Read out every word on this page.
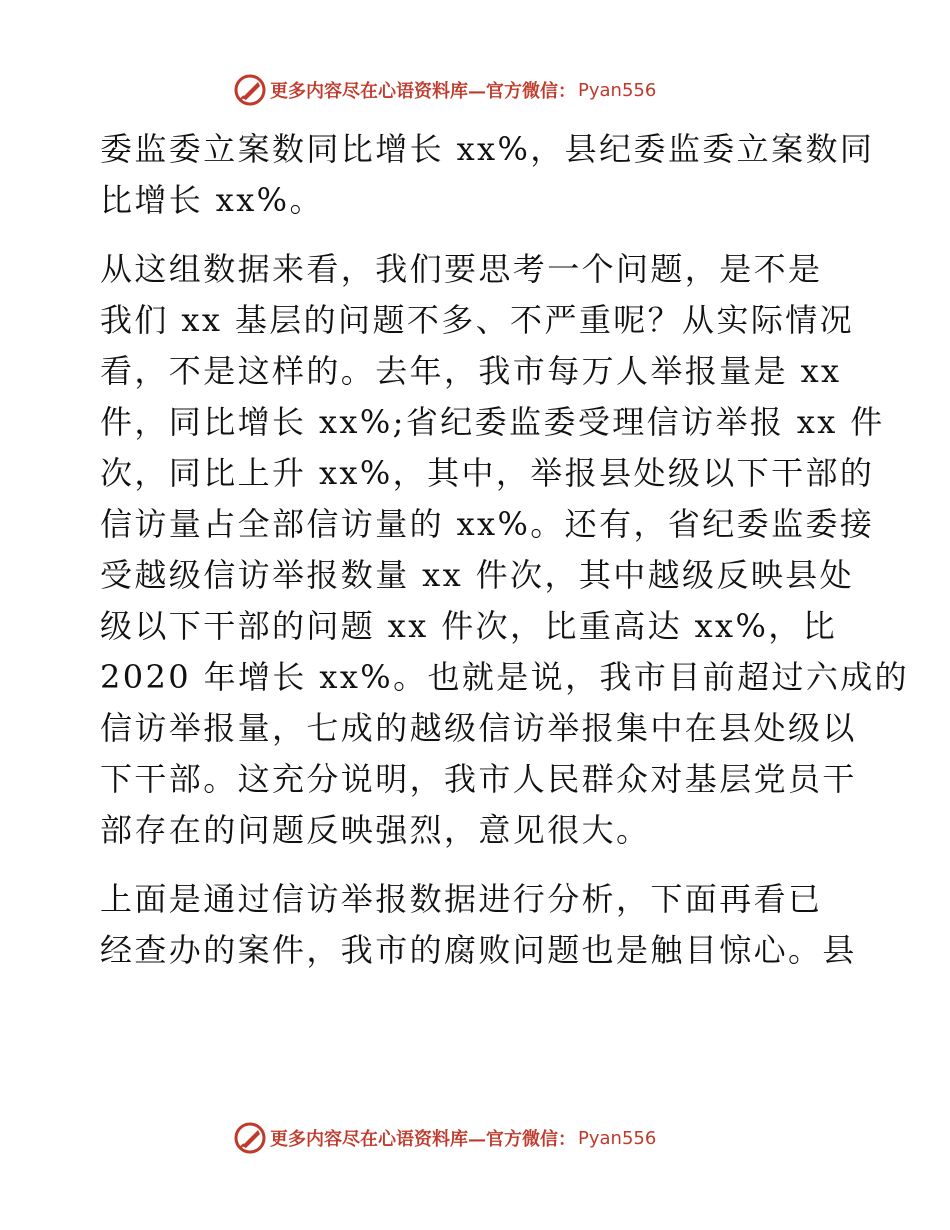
更多内容尽在心语资料库—官方微信： Pyan556
委监委立案数同比增长 xx%，县纪委监委立案数同
比增长 xx%。
从这组数据来看，我们要思考一个问题，是不是
我们 xx 基层的问题不多、不严重呢？从实际情况
看，不是这样的。去年，我市每万人举报量是 xx
件，同比增长 xx%;省纪委监委受理信访举报 xx 件
次，同比上升 xx%，其中，举报县处级以下干部的
信访量占全部信访量的 xx%。还有，省纪委监委接
受越级信访举报数量 xx 件次，其中越级反映县处
级以下干部的问题 xx 件次，比重高达 xx%，比
2020 年增长 xx%。也就是说，我市目前超过六成的
信访举报量，七成的越级信访举报集中在县处级以
下干部。这充分说明，我市人民群众对基层党员干
部存在的问题反映强烈，意见很大。
上面是通过信访举报数据进行分析，下面再看已
经查办的案件，我市的腐败问题也是触目惊心。县
更多内容尽在心语资料库—官方微信： Pyan556
